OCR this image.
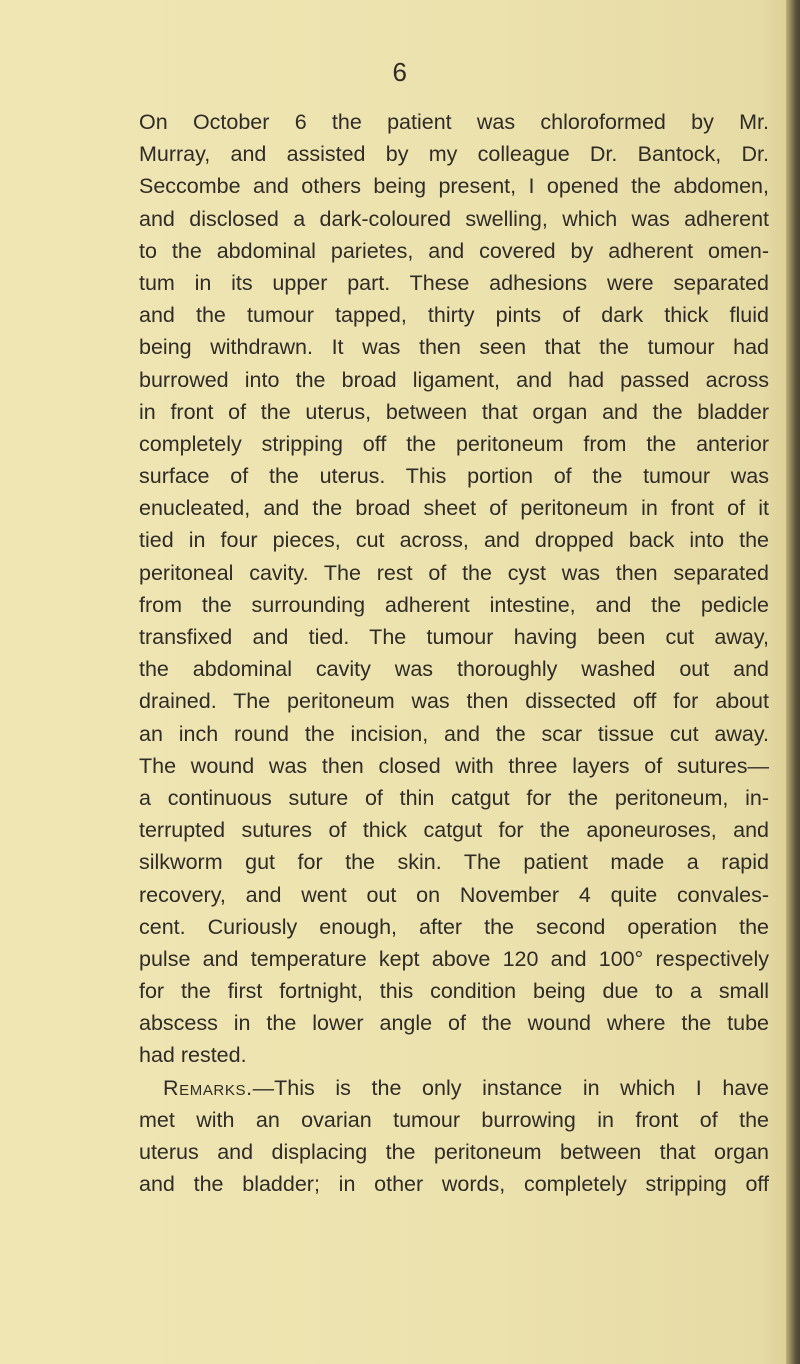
6
On October 6 the patient was chloroformed by Mr.
Murray, and assisted by my colleague Dr. Bantock, Dr.
Seccombe and others being present, I opened the abdomen,
and disclosed a dark-coloured swelling, which was adherent
to the abdominal parietes, and covered by adherent omen-
tum in its upper part. These adhesions were separated
and the tumour tapped, thirty pints of dark thick fluid
being withdrawn. It was then seen that the tumour had
burrowed into the broad ligament, and had passed across
in front of the uterus, between that organ and the bladder
completely stripping off the peritoneum from the anterior
surface of the uterus. This portion of the tumour was
enucleated, and the broad sheet of peritoneum in front of it
tied in four pieces, cut across, and dropped back into the
peritoneal cavity. The rest of the cyst was then separated
from the surrounding adherent intestine, and the pedicle
transfixed and tied. The tumour having been cut away,
the abdominal cavity was thoroughly washed out and
drained. The peritoneum was then dissected off for about
an inch round the incision, and the scar tissue cut away.
The wound was then closed with three layers of sutures—
a continuous suture of thin catgut for the peritoneum, in-
terrupted sutures of thick catgut for the aponeuroses, and
silkworm gut for the skin. The patient made a rapid
recovery, and went out on November 4 quite convales-
cent. Curiously enough, after the second operation the
pulse and temperature kept above 120 and 100° respectively
for the first fortnight, this condition being due to a small
abscess in the lower angle of the wound where the tube
had rested.
Remarks.—This is the only instance in which I have
met with an ovarian tumour burrowing in front of the
uterus and displacing the peritoneum between that organ
and the bladder; in other words, completely stripping off
